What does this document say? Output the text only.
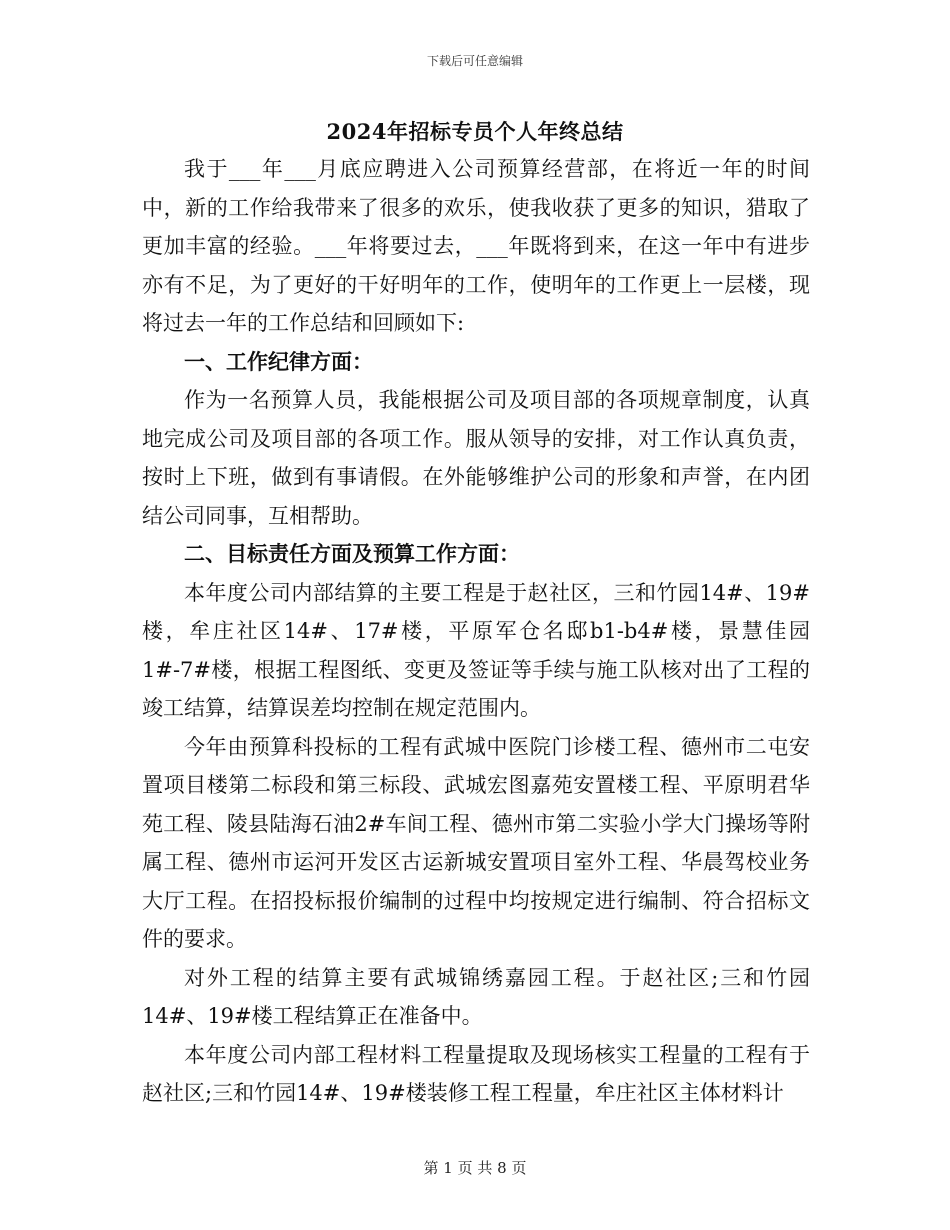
下载后可任意编辑
2024年招标专员个人年终总结

我于___年___月底应聘进入公司预算经营部，在将近一年的时间中，新的工作给我带来了很多的欢乐，使我收获了更多的知识，猎取了更加丰富的经验。___年将要过去，___年既将到来，在这一年中有进步亦有不足，为了更好的干好明年的工作，使明年的工作更上一层楼，现将过去一年的工作总结和回顾如下:

一、工作纪律方面：

作为一名预算人员，我能根据公司及项目部的各项规章制度，认真地完成公司及项目部的各项工作。服从领导的安排，对工作认真负责，按时上下班，做到有事请假。在外能够维护公司的形象和声誉，在内团结公司同事，互相帮助。

二、目标责任方面及预算工作方面：

本年度公司内部结算的主要工程是于赵社区，三和竹园14#、19#楼，牟庄社区14#、17#楼，平原军仓名邸b1-b4#楼，景慧佳园1#-7#楼，根据工程图纸、变更及签证等手续与施工队核对出了工程的竣工结算，结算误差均控制在规定范围内。

今年由预算科投标的工程有武城中医院门诊楼工程、德州市二屯安置项目楼第二标段和第三标段、武城宏图嘉苑安置楼工程、平原明君华苑工程、陵县陆海石油2#车间工程、德州市第二实验小学大门操场等附属工程、德州市运河开发区古运新城安置项目室外工程、华晨驾校业务大厅工程。在招投标报价编制的过程中均按规定进行编制、符合招标文件的要求。

对外工程的结算主要有武城锦绣嘉园工程。于赵社区;三和竹园14#、19#楼工程结算正在准备中。

本年度公司内部工程材料工程量提取及现场核实工程量的工程有于赵社区;三和竹园14#、19#楼装修工程工程量，牟庄社区主体材料计

第 1 页 共 8 页
